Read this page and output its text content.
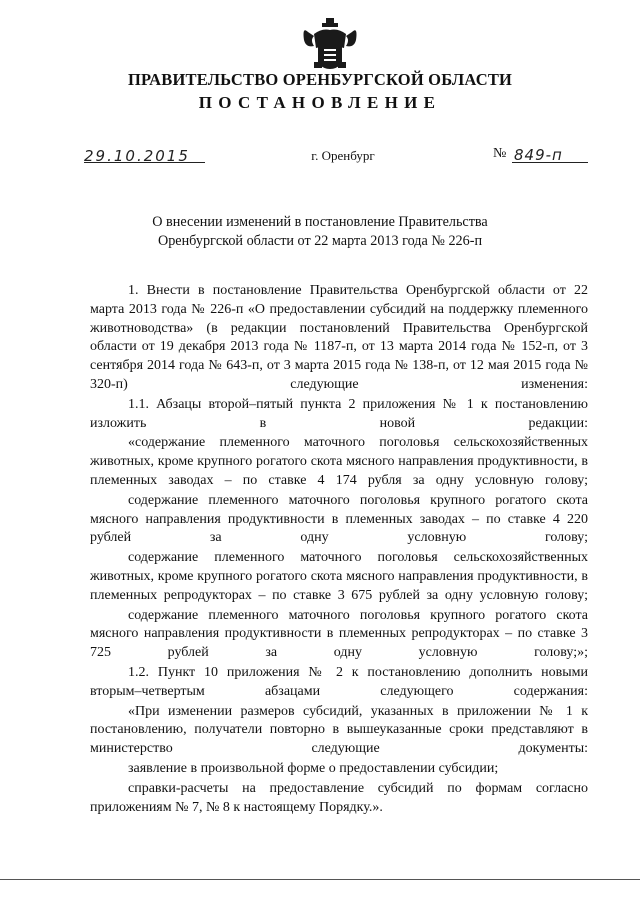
ПРАВИТЕЛЬСТВО ОРЕНБУРГСКОЙ ОБЛАСТИ
ПОСТАНОВЛЕНИЕ
29.10.2015	г. Оренбург	№ 849-п
О внесении изменений в постановление Правительства
Оренбургской области от 22 марта 2013 года № 226-п

1. Внести в постановление Правительства Оренбургской области от 22 марта 2013 года № 226-п «О предоставлении субсидий на поддержку племенного животноводства» (в редакции постановлений Правительства Оренбургской области от 19 декабря 2013 года № 1187-п, от 13 марта 2014 года № 152-п, от 3 сентября 2014 года № 643-п, от 3 марта 2015 года № 138-п, от 12 мая 2015 года № 320-п) следующие изменения:

1.1. Абзацы второй–пятый пункта 2 приложения № 1 к постановлению изложить в новой редакции:

«содержание племенного маточного поголовья сельскохозяйственных животных, кроме крупного рогатого скота мясного направления продуктивности, в племенных заводах – по ставке 4 174 рубля за одну условную голову;

содержание племенного маточного поголовья крупного рогатого скота мясного направления продуктивности в племенных заводах – по ставке 4 220 рублей за одну условную голову;

содержание племенного маточного поголовья сельскохозяйственных животных, кроме крупного рогатого скота мясного направления продуктивности, в племенных репродукторах – по ставке 3 675 рублей за одну условную голову;

содержание племенного маточного поголовья крупного рогатого скота мясного направления продуктивности в племенных репродукторах – по ставке 3 725 рублей за одну условную голову;»;

1.2. Пункт 10 приложения № 2 к постановлению дополнить новыми вторым–четвертым абзацами следующего содержания:

«При изменении размеров субсидий, указанных в приложении № 1 к постановлению, получатели повторно в вышеуказанные сроки представляют в министерство следующие документы:

заявление в произвольной форме о предоставлении субсидии;

справки-расчеты на предоставление субсидий по формам согласно приложениям № 7, № 8 к настоящему Порядку.».
